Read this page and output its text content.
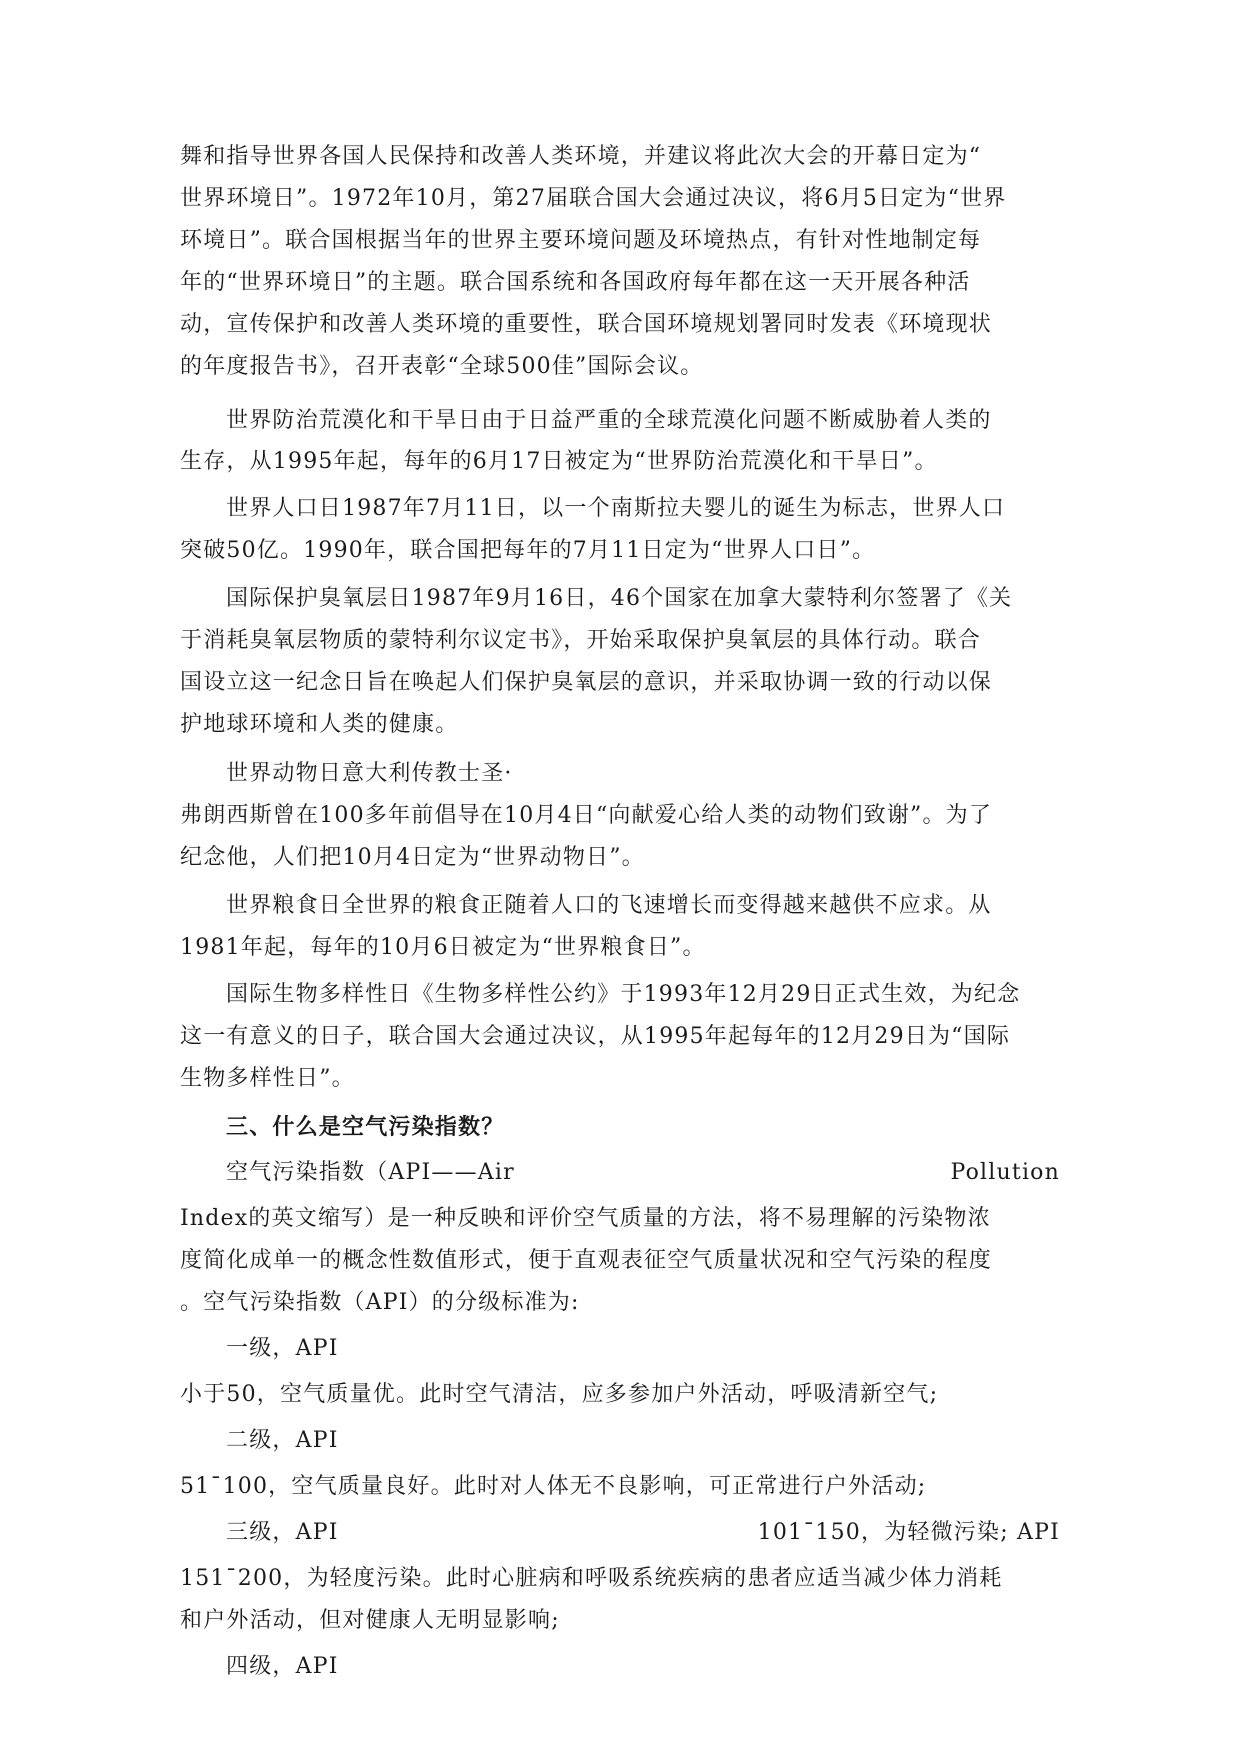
舞和指导世界各国人民保持和改善人类环境，并建议将此次大会的开幕日定为“
世界环境日”。1972年10月，第27届联合国大会通过决议，将6月5日定为“世界
环境日”。联合国根据当年的世界主要环境问题及环境热点，有针对性地制定每
年的“世界环境日”的主题。联合国系统和各国政府每年都在这一天开展各种活
动，宣传保护和改善人类环境的重要性，联合国环境规划署同时发表《环境现状
的年度报告书》，召开表彰“全球500佳”国际会议。
世界防治荒漠化和干旱日由于日益严重的全球荒漠化问题不断威胁着人类的
生存，从1995年起，每年的6月17日被定为“世界防治荒漠化和干旱日”。
世界人口日1987年7月11日，以一个南斯拉夫婴儿的诞生为标志，世界人口
突破50亿。1990年，联合国把每年的7月11日定为“世界人口日”。
国际保护臭氧层日1987年9月16日，46个国家在加拿大蒙特利尔签署了《关
于消耗臭氧层物质的蒙特利尔议定书》，开始采取保护臭氧层的具体行动。联合
国设立这一纪念日旨在唤起人们保护臭氧层的意识，并采取协调一致的行动以保
护地球环境和人类的健康。
世界动物日意大利传教士圣·
弗朗西斯曾在100多年前倡导在10月4日“向献爱心给人类的动物们致谢”。为了
纪念他，人们把10月4日定为“世界动物日”。
世界粮食日全世界的粮食正随着人口的飞速增长而变得越来越供不应求。从
1981年起，每年的10月6日被定为“世界粮食日”。
国际生物多样性日《生物多样性公约》于1993年12月29日正式生效，为纪念
这一有意义的日子，联合国大会通过决议，从1995年起每年的12月29日为“国际
生物多样性日”。
三、什么是空气污染指数？
空气污染指数（API——Air	Pollution
Index的英文缩写）是一种反映和评价空气质量的方法，将不易理解的污染物浓
度简化成单一的概念性数值形式，便于直观表征空气质量状况和空气污染的程度
。空气污染指数（API）的分级标准为:
一级，API
小于50，空气质量优。此时空气清洁，应多参加户外活动，呼吸清新空气;
二级，API
51¯100，空气质量良好。此时对人体无不良影响，可正常进行户外活动;
三级，API	101¯150，为轻微污染; API
151¯200，为轻度污染。此时心脏病和呼吸系统疾病的患者应适当减少体力消耗
和户外活动，但对健康人无明显影响;
四级，API
